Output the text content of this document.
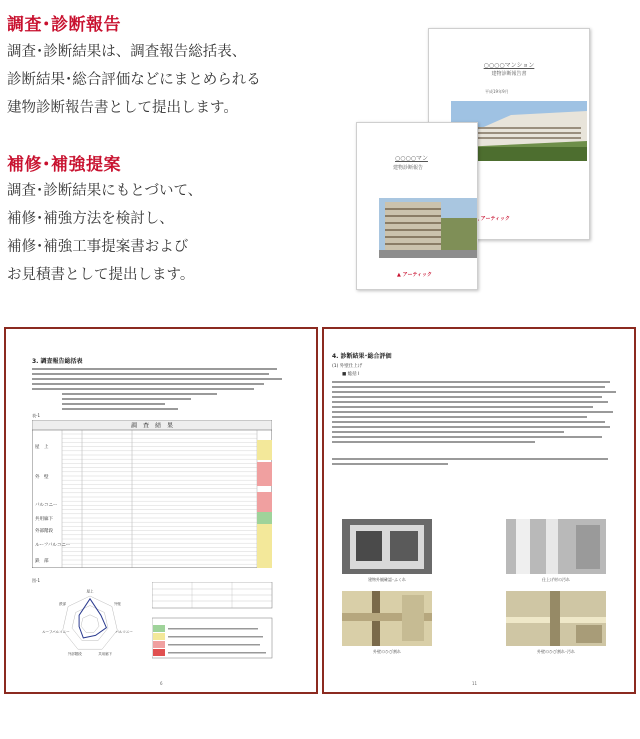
調査･診断報告

調査･診断結果は、調査報告総括表、
診断結果･総合評価などにまとめられる
建物診断報告書として提出します。

補修･補強提案

調査･診断結果にもとづいて、
補修･補強方法を検討し、
補修･補強工事提案書および
お見積書として提出します。

○○○○マンション
建物診断報告書
平成19年9月
アーティック
○○○○マン
建物診断報告
▲ アーティック

3. 調査報告総括表

表-1
調　査　結　果
屋　上
外　壁
バルコニー
共用廊下
外部階段
ルーフバルコニー
鉄　部
図-1
屋上
外壁
バルコニー
共用廊下
外部階段
ルーフバルコニー
鉄部
6

4. 診断結果･総合評価

(1) 外壁仕上げ
■ 総括 Ⅰ
建物外観確認･ふくれ	仕上げ材の汚れ
外壁のひび割れ	外壁のひび割れ･汚れ
11
